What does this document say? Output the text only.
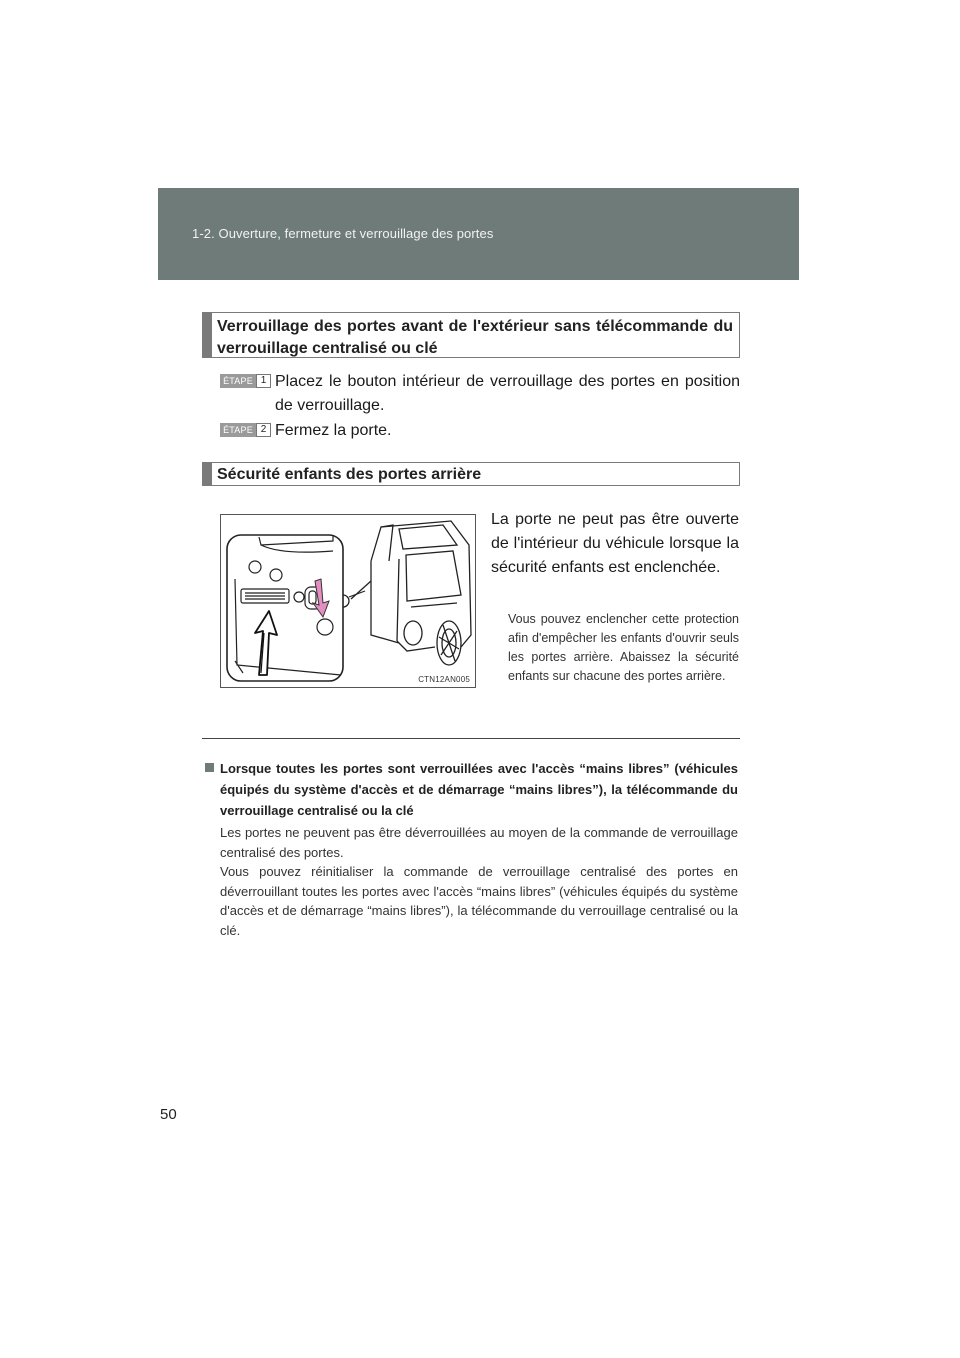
1-2. Ouverture, fermeture et verrouillage des portes
Verrouillage des portes avant de l'extérieur sans télécommande du verrouillage centralisé ou clé
ÉTAPE 1 Placez le bouton intérieur de verrouillage des portes en position de verrouillage.
ÉTAPE 2 Fermez la porte.
Sécurité enfants des portes arrière
CTN12AN005
La porte ne peut pas être ouverte de l'intérieur du véhicule lorsque la sécurité enfants est enclenchée.
Vous pouvez enclencher cette protection afin d'empêcher les enfants d'ouvrir seuls les portes arrière. Abaissez la sécurité enfants sur chacune des portes arrière.
Lorsque toutes les portes sont verrouillées avec l'accès “mains libres” (véhicules équipés du système d'accès et de démarrage “mains libres”), la télécommande du verrouillage centralisé ou la clé

Les portes ne peuvent pas être déverrouillées au moyen de la commande de verrouillage centralisé des portes.

Vous pouvez réinitialiser la commande de verrouillage centralisé des portes en déverrouillant toutes les portes avec l'accès “mains libres” (véhicules équipés du système d'accès et de démarrage “mains libres”), la télécommande du verrouillage centralisé ou la clé.

50
